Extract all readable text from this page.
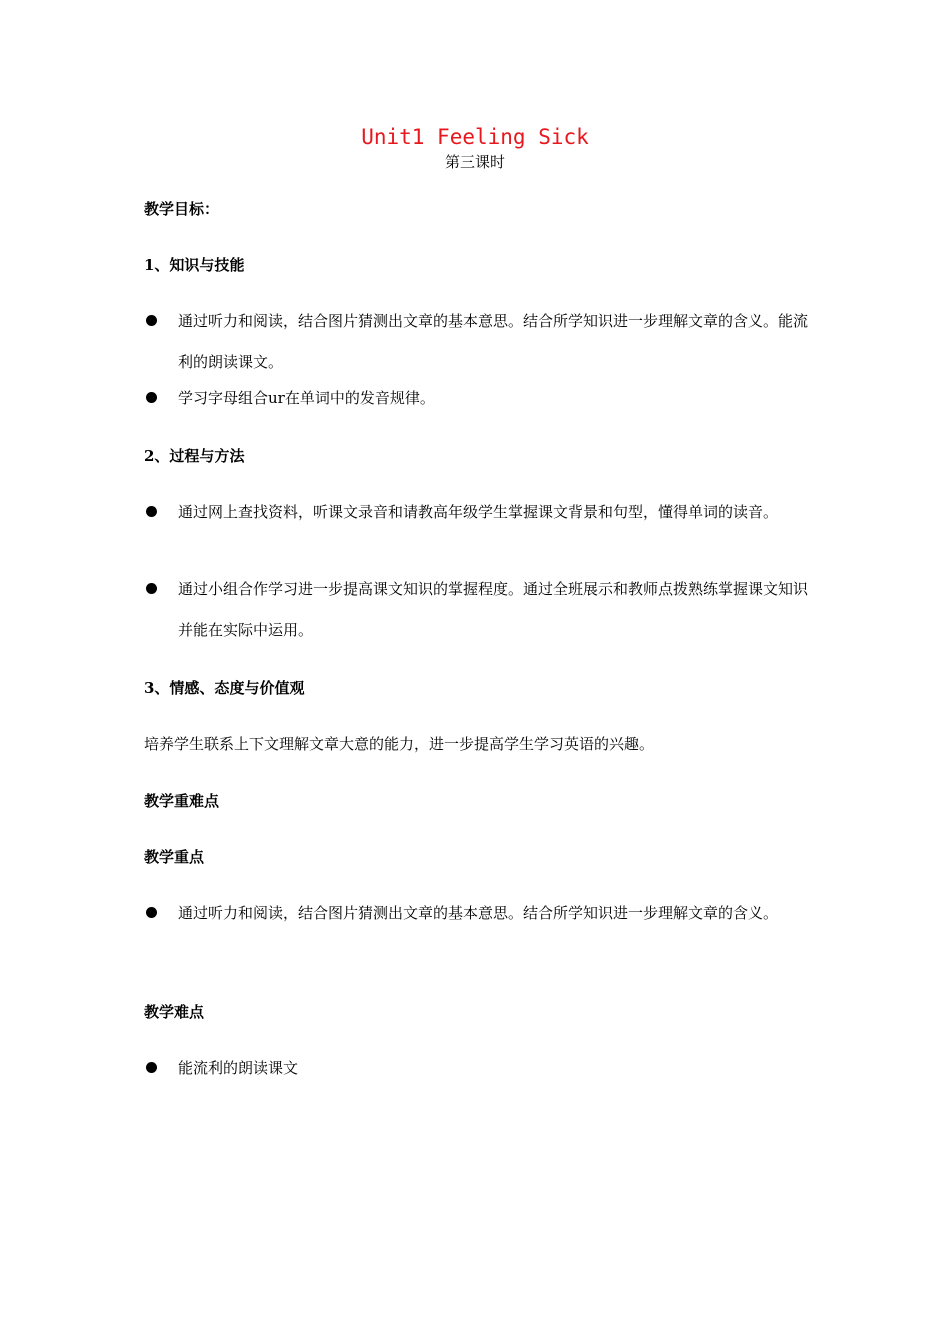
Unit1 Feeling Sick
第三课时
教学目标：
1、知识与技能
通过听力和阅读，结合图片猜测出文章的基本意思。结合所学知识进一步理解文章的含义。能流利的朗读课文。
学习字母组合ur在单词中的发音规律。
2、过程与方法
通过网上查找资料，听课文录音和请教高年级学生掌握课文背景和句型，懂得单词的读音。
通过小组合作学习进一步提高课文知识的掌握程度。通过全班展示和教师点拨熟练掌握课文知识并能在实际中运用。
3、情感、态度与价值观
培养学生联系上下文理解文章大意的能力，进一步提高学生学习英语的兴趣。
教学重难点
教学重点
通过听力和阅读，结合图片猜测出文章的基本意思。结合所学知识进一步理解文章的含义。
教学难点
能流利的朗读课文
